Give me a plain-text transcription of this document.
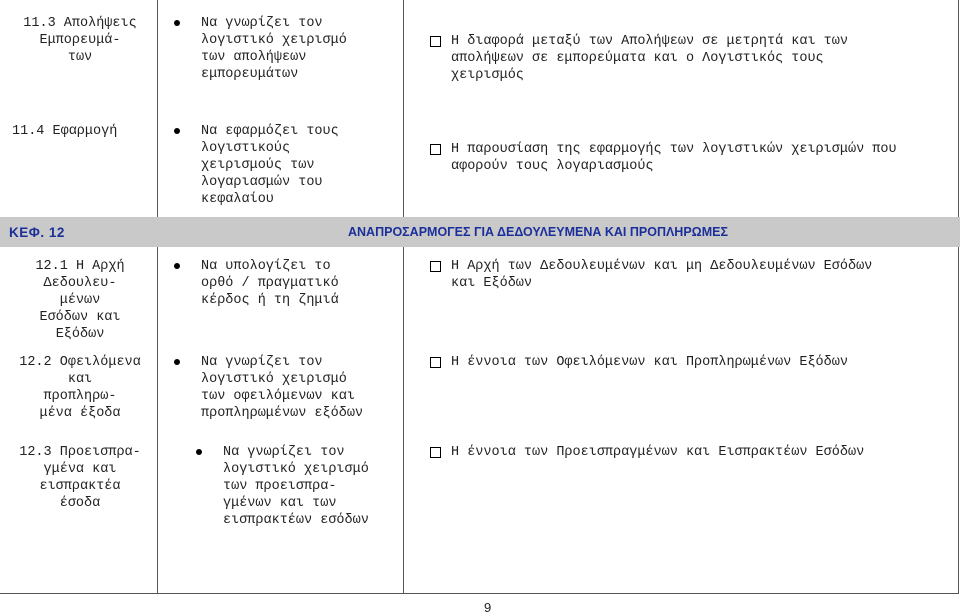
11.3 Απολήψεις
Εμπορευμά-
των
Να γνωρίζει τον
λογιστικό χειρισμό
των απολήψεων
εμπορευμάτων
Η διαφορά μεταξύ των Απολήψεων σε μετρητά και των
απολήψεων σε εμπορεύματα και ο Λογιστικός τους
χειρισμός
11.4 Εφαρμογή	Να εφαρμόζει τους
λογιστικούς
χειρισμούς των
λογαριασμών του
κεφαλαίου
Η παρουσίαση της εφαρμογής των λογιστικών χειρισμών που
αφορούν τους λογαριασμούς
ΚΕΦ. 12	ΑΝΑΠΡΟΣΑΡΜΟΓΕΣ ΓΙΑ ΔΕΔΟΥΛΕΥΜΕΝΑ ΚΑΙ ΠΡΟΠΛΗΡΩΜΕΣ
12.1 Η Αρχή
Δεδουλευ-
μένων
Εσόδων και
Εξόδων
Να υπολογίζει το
ορθό / πραγματικό
κέρδος ή τη ζημιά
Η Αρχή των Δεδουλευμένων και μη Δεδουλευμένων Εσόδων
και Εξόδων
12.2 Οφειλόμενα
και
προπληρω-
μένα έξοδα
Να γνωρίζει τον
λογιστικό χειρισμό
των οφειλόμενων και
προπληρωμένων εξόδων
Η έννοια των Οφειλόμενων και Προπληρωμένων Εξόδων
12.3 Προεισπρα-
γμένα και
εισπρακτέα
έσοδα
Να γνωρίζει τον
λογιστικό χειρισμό
των προεισπρα-
γμένων και των
εισπρακτέων εσόδων
Η έννοια των Προεισπραγμένων και Εισπρακτέων Εσόδων
9
